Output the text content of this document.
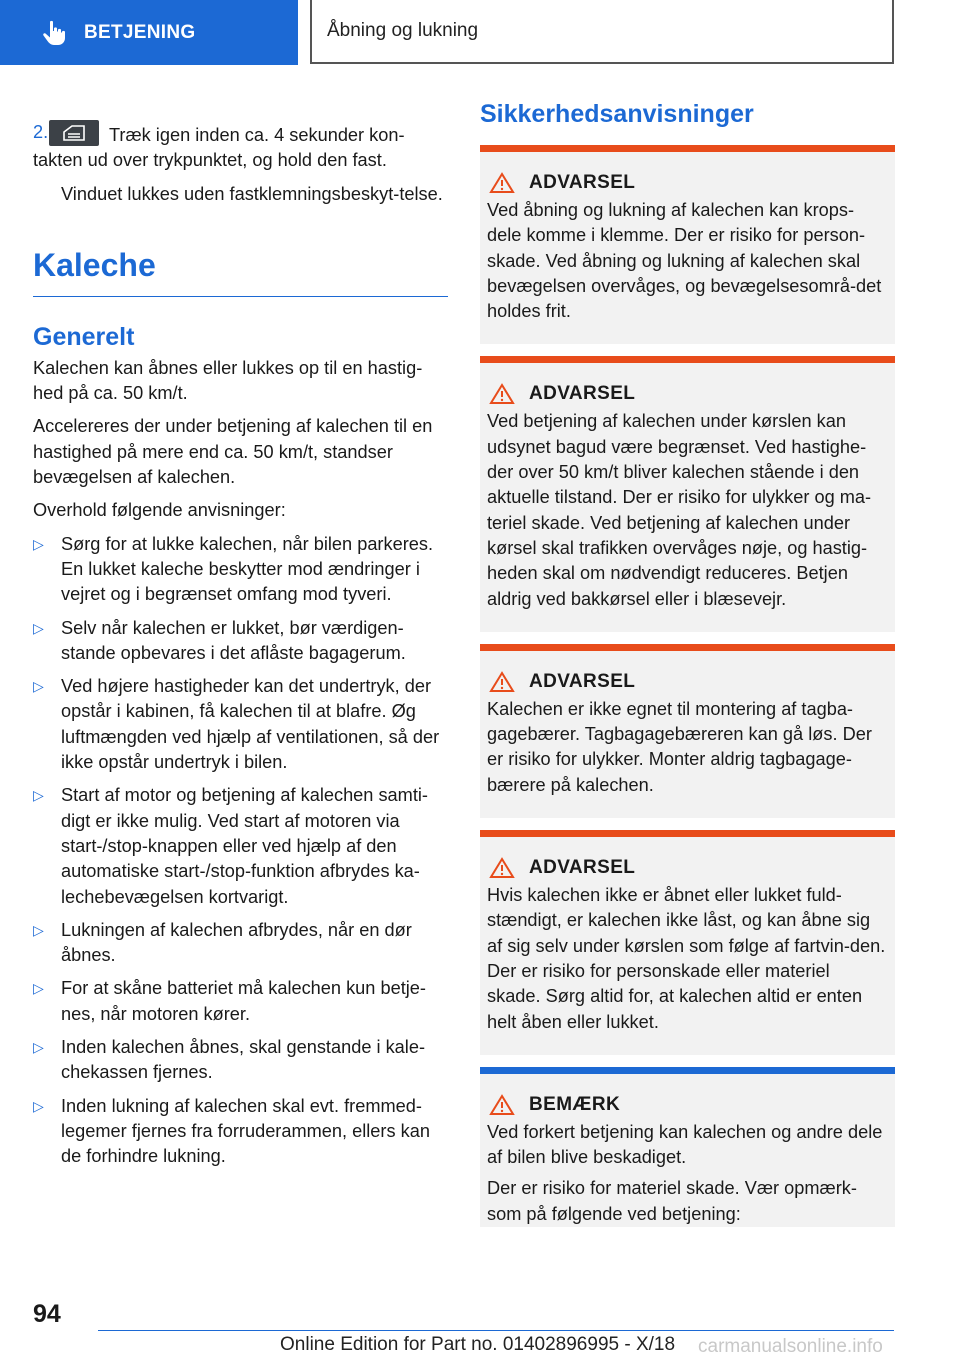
BETJENING	Åbning og lukning
2.	Træk igen inden ca. 4 sekunder kon-takten ud over trykpunktet, og hold den fast.

Vinduet lukkes uden fastklemningsbeskyt-telse.

Kaleche
Generelt

Kalechen kan åbnes eller lukkes op til en hastig-hed på ca. 50 km/t.

Accelereres der under betjening af kalechen til en hastighed på mere end ca. 50 km/t, standser bevægelsen af kalechen.

Overhold følgende anvisninger:

▷ Sørg for at lukke kalechen, når bilen parkeres. En lukket kaleche beskytter mod ændringer i vejret og i begrænset omfang mod tyveri.

▷ Selv når kalechen er lukket, bør værdigen-stande opbevares i det aflåste bagagerum.

▷ Ved højere hastigheder kan det undertryk, der opstår i kabinen, få kalechen til at blafre. Øg luftmængden ved hjælp af ventilationen, så der ikke opstår undertryk i bilen.

▷ Start af motor og betjening af kalechen samti-digt er ikke mulig. Ved start af motoren via start-/stop-knappen eller ved hjælp af den automatiske start-/stop-funktion afbrydes ka-lechebevægelsen kortvarigt.

▷ Lukningen af kalechen afbrydes, når en dør åbnes.

▷ For at skåne batteriet må kalechen kun betje-nes, når motoren kører.

▷ Inden kalechen åbnes, skal genstande i kale-chekassen fjernes.

▷ Inden lukning af kalechen skal evt. fremmed-legemer fjernes fra forruderammen, ellers kan de forhindre lukning.

Sikkerhedsanvisninger
ADVARSEL

Ved åbning og lukning af kalechen kan krops-dele komme i klemme. Der er risiko for person-skade. Ved åbning og lukning af kalechen skal bevægelsen overvåges, og bevægelsesområ-det holdes frit.

ADVARSEL

Ved betjening af kalechen under kørslen kan udsynet bagud være begrænset. Ved hastighe-der over 50 km/t bliver kalechen stående i den aktuelle tilstand. Der er risiko for ulykker og ma-teriel skade. Ved betjening af kalechen under kørsel skal trafikken overvåges nøje, og hastig-heden skal om nødvendigt reduceres. Betjen aldrig ved bakkørsel eller i blæsevejr.

ADVARSEL

Kalechen er ikke egnet til montering af tagba-gagebærer. Tagbagagebæreren kan gå løs. Der er risiko for ulykker. Monter aldrig tagbagage-bærere på kalechen.

ADVARSEL

Hvis kalechen ikke er åbnet eller lukket fuld-stændigt, er kalechen ikke låst, og kan åbne sig af sig selv under kørslen som følge af fartvin-den. Der er risiko for personskade eller materiel skade. Sørg altid for, at kalechen altid er enten helt åben eller lukket.

BEMÆRK

Ved forkert betjening kan kalechen og andre dele af bilen blive beskadiget.

Der er risiko for materiel skade. Vær opmærk-som på følgende ved betjening:

94
Online Edition for Part no. 01402896995 - X/18 carmanualsonline.info
